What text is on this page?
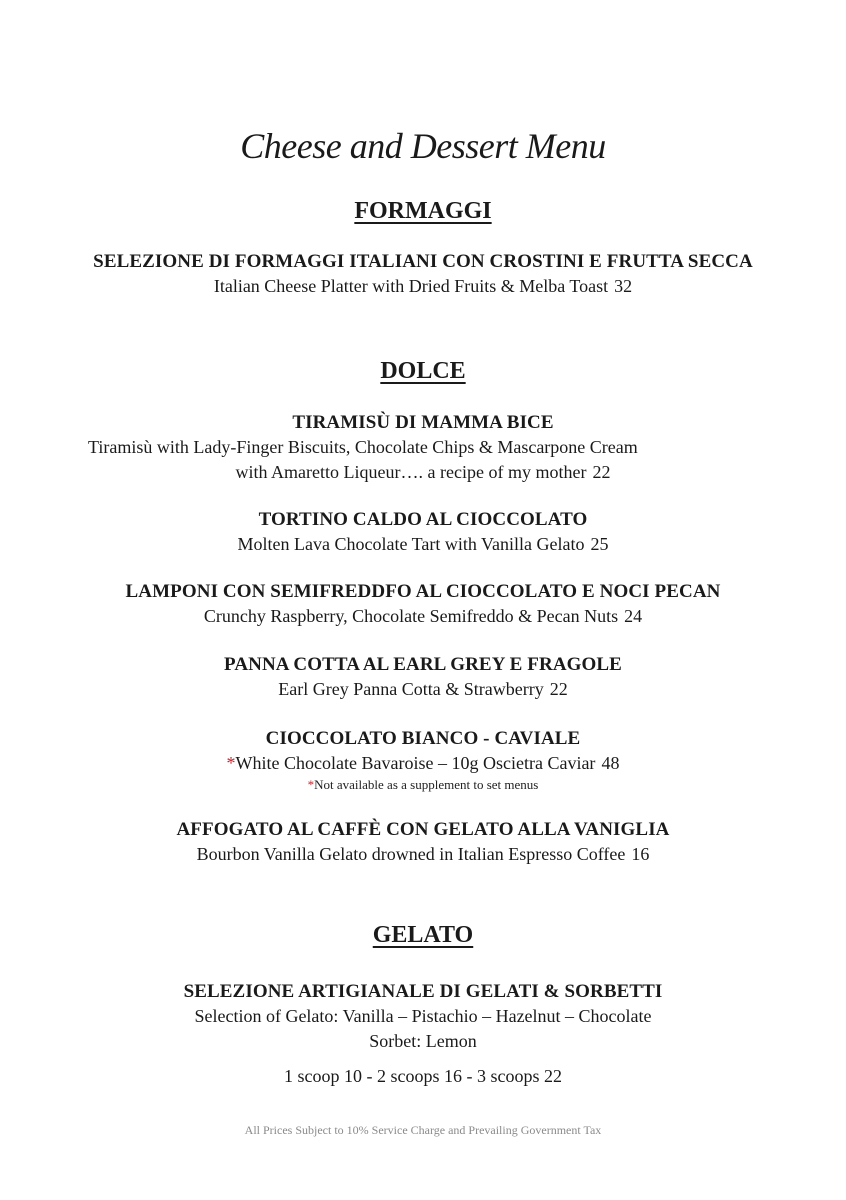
Cheese and Dessert Menu
FORMAGGI
SELEZIONE DI FORMAGGI ITALIANI CON CROSTINI E FRUTTA SECCA
Italian Cheese Platter with Dried Fruits & Melba Toast 32
DOLCE
TIRAMISÙ DI MAMMA BICE
Tiramisù with Lady-Finger Biscuits, Chocolate Chips & Mascarpone Cream
with Amaretto Liqueur…. a recipe of my mother 22
TORTINO CALDO AL CIOCCOLATO
Molten Lava Chocolate Tart with Vanilla Gelato 25
LAMPONI CON SEMIFREDDFO AL CIOCCOLATO E NOCI PECAN
Crunchy Raspberry, Chocolate Semifreddo & Pecan Nuts 24
PANNA COTTA AL EARL GREY E FRAGOLE
Earl Grey Panna Cotta & Strawberry 22
CIOCCOLATO BIANCO - CAVIALE
*White Chocolate Bavaroise – 10g Oscietra Caviar 48
*Not available as a supplement to set menus
AFFOGATO AL CAFFÈ CON GELATO ALLA VANIGLIA
Bourbon Vanilla Gelato drowned in Italian Espresso Coffee 16
GELATO
SELEZIONE ARTIGIANALE DI GELATI & SORBETTI
Selection of Gelato: Vanilla – Pistachio – Hazelnut – Chocolate
Sorbet: Lemon
1 scoop 10 - 2 scoops 16 - 3 scoops 22
All Prices Subject to 10% Service Charge and Prevailing Government Tax
